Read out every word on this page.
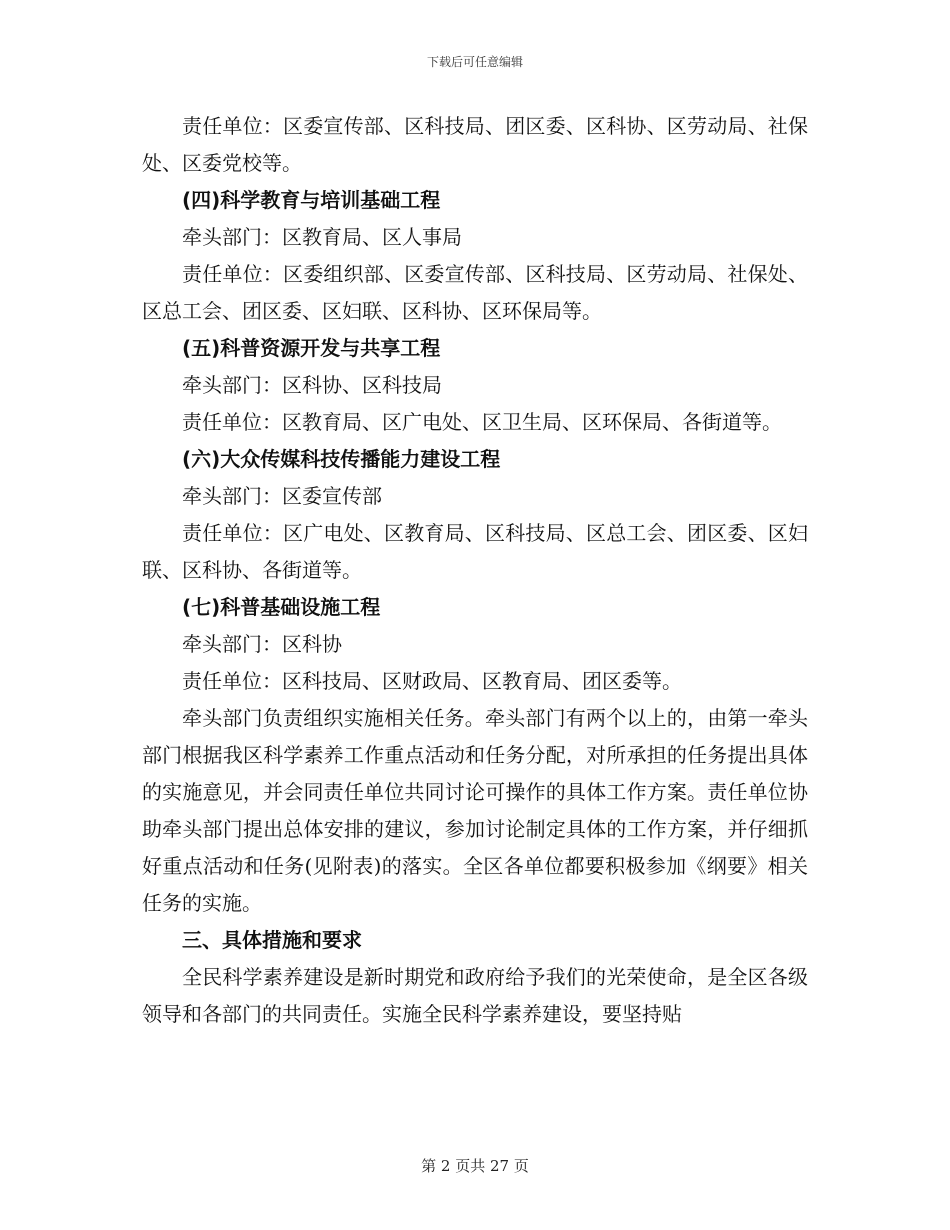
下载后可任意编辑

责任单位：区委宣传部、区科技局、团区委、区科协、区劳动局、社保处、区委党校等。

(四)科学教育与培训基础工程

牵头部门：区教育局、区人事局

责任单位：区委组织部、区委宣传部、区科技局、区劳动局、社保处、区总工会、团区委、区妇联、区科协、区环保局等。

(五)科普资源开发与共享工程

牵头部门：区科协、区科技局

责任单位：区教育局、区广电处、区卫生局、区环保局、各街道等。

(六)大众传媒科技传播能力建设工程

牵头部门：区委宣传部

责任单位：区广电处、区教育局、区科技局、区总工会、团区委、区妇联、区科协、各街道等。

(七)科普基础设施工程

牵头部门：区科协

责任单位：区科技局、区财政局、区教育局、团区委等。

牵头部门负责组织实施相关任务。牵头部门有两个以上的，由第一牵头部门根据我区科学素养工作重点活动和任务分配，对所承担的任务提出具体的实施意见，并会同责任单位共同讨论可操作的具体工作方案。责任单位协助牵头部门提出总体安排的建议，参加讨论制定具体的工作方案，并仔细抓好重点活动和任务(见附表)的落实。全区各单位都要积极参加《纲要》相关任务的实施。

三、具体措施和要求

全民科学素养建设是新时期党和政府给予我们的光荣使命，是全区各级领导和各部门的共同责任。实施全民科学素养建设，要坚持贴

第 2 页共 27 页
